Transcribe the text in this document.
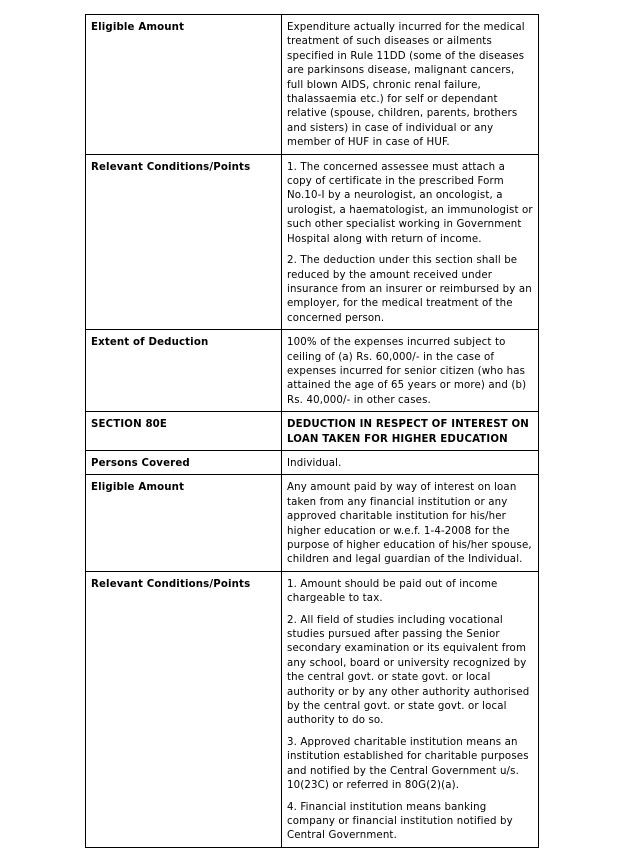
Eligible Amount	Expenditure actually incurred for the medical treatment of such diseases or ailments specified in Rule 11DD (some of the diseases are parkinsons disease, malignant cancers, full blown AIDS, chronic renal failure, thalassaemia etc.) for self or dependant relative (spouse, children, parents, brothers and sisters) in case of individual or any member of HUF in case of HUF.

Relevant Conditions/Points	1. The concerned assessee must attach a copy of certificate in the prescribed Form No.10-I by a neurologist, an oncologist, a urologist, a haematologist, an immunologist or such other specialist working in Government Hospital along with return of income.

2. The deduction under this section shall be reduced by the amount received under insurance from an insurer or reimbursed by an employer, for the medical treatment of the concerned person.

Extent of Deduction	100% of the expenses incurred subject to ceiling of (a) Rs. 60,000/- in the case of expenses incurred for senior citizen (who has attained the age of 65 years or more) and (b) Rs. 40,000/- in other cases.

SECTION 80E	DEDUCTION IN RESPECT OF INTEREST ON LOAN TAKEN FOR HIGHER EDUCATION

Persons Covered	Individual.

Eligible Amount	Any amount paid by way of interest on loan taken from any financial institution or any approved charitable institution for his/her higher education or w.e.f. 1-4-2008 for the purpose of higher education of his/her spouse, children and legal guardian of the Individual.

Relevant Conditions/Points	1. Amount should be paid out of income chargeable to tax.

2. All field of studies including vocational studies pursued after passing the Senior secondary examination or its equivalent from any school, board or university recognized by the central govt. or state govt. or local authority or by any other authority authorised by the central govt. or state govt. or local authority to do so.

3. Approved charitable institution means an institution established for charitable purposes and notified by the Central Government u/s. 10(23C) or referred in 80G(2)(a).

4. Financial institution means banking company or financial institution notified by Central Government.
